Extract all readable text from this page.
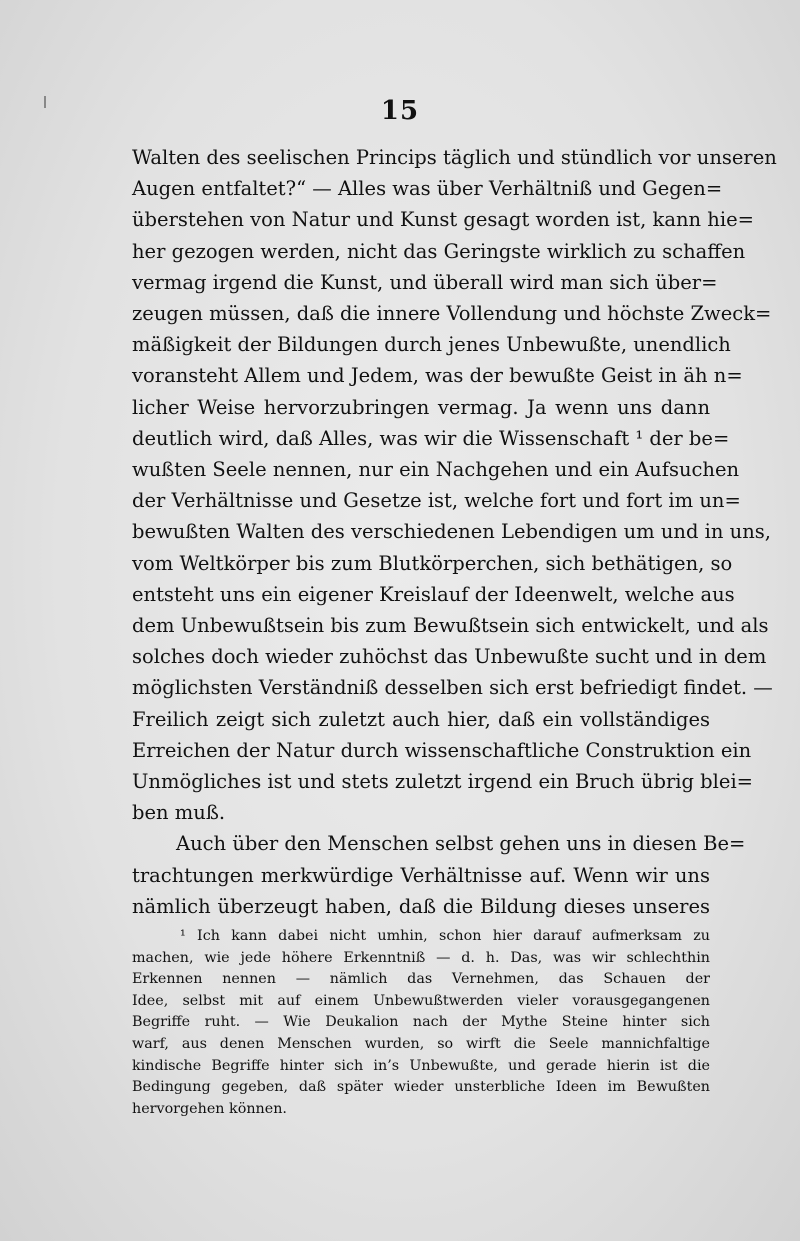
15
Walten des seelischen Princips täglich und stündlich vor unseren
Augen entfaltet?“ — Alles was über Verhältniß und Gegen=
überstehen von Natur und Kunst gesagt worden ist, kann hie=
her gezogen werden, nicht das Geringste wirklich zu schaffen
vermag irgend die Kunst, und überall wird man sich über=
zeugen müssen, daß die innere Vollendung und höchste Zweck=
mäßigkeit der Bildungen durch jenes Unbewußte, unendlich
voransteht Allem und Jedem, was der bewußte Geist in äh n=
licher Weise hervorzubringen vermag. Ja wenn uns dann
deutlich wird, daß Alles, was wir die Wissenschaft ¹ der be=
wußten Seele nennen, nur ein Nachgehen und ein Aufsuchen
der Verhältnisse und Gesetze ist, welche fort und fort im un=
bewußten Walten des verschiedenen Lebendigen um und in uns,
vom Weltkörper bis zum Blutkörperchen, sich bethätigen, so
entsteht uns ein eigener Kreislauf der Ideenwelt, welche aus
dem Unbewußtsein bis zum Bewußtsein sich entwickelt, und als
solches doch wieder zuhöchst das Unbewußte sucht und in dem
möglichsten Verständniß desselben sich erst befriedigt findet. —
Freilich zeigt sich zuletzt auch hier, daß ein vollständiges
Erreichen der Natur durch wissenschaftliche Construktion ein
Unmögliches ist und stets zuletzt irgend ein Bruch übrig blei=
ben muß.
Auch über den Menschen selbst gehen uns in diesen Be=
trachtungen merkwürdige Verhältnisse auf. Wenn wir uns
nämlich überzeugt haben, daß die Bildung dieses unseres
¹ Ich kann dabei nicht umhin, schon hier darauf aufmerksam zu
machen, wie jede höhere Erkenntniß — d. h. Das, was wir schlechthin
Erkennen nennen — nämlich das Vernehmen, das Schauen der
Idee, selbst mit auf einem Unbewußtwerden vieler vorausgegangenen
Begriffe ruht. — Wie Deukalion nach der Mythe Steine hinter sich
warf, aus denen Menschen wurden, so wirft die Seele mannichfaltige
kindische Begriffe hinter sich in’s Unbewußte, und gerade hierin ist die
Bedingung gegeben, daß später wieder unsterbliche Ideen im Bewußten
hervorgehen können.
